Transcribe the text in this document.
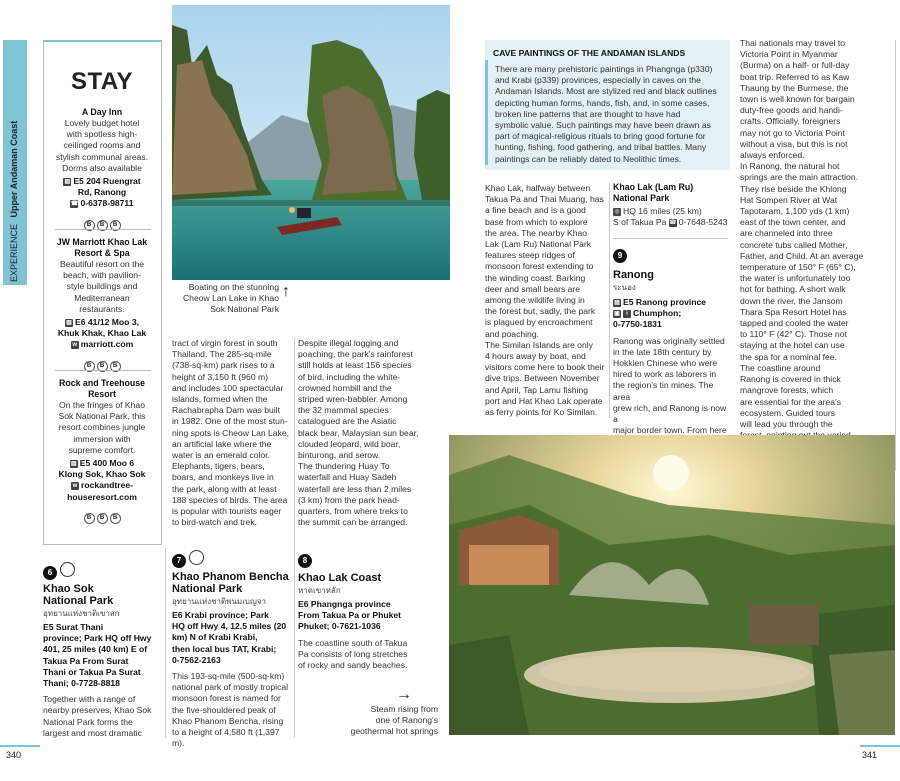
EXPERIENCE Upper Andaman Coast
STAY
A Day Inn
Lovely budget hotel
with spotless high-
ceilinged rooms and
stylish communal areas.
Dorms also available
▤ E5 204 Ruengrat
Rd, Ranong
☎ 0-6378-98711
B B B
JW Marriott Khao Lak Resort & Spa
Beautiful resort on the
beach, with pavilion-
style buildings and
Mediterranean
restaurants.
▤ E6 41/12 Moo 3,
Khuk Khak, Khao Lak
w marriott.com
B B B
Rock and Treehouse Resort
On the fringes of Khao
Sok National Park, this
resort combines jungle
immersion with
supreme comfort.
▤ E5 400 Moo 6
Klong Sok, Khao Sok
w rockandtree-
houseresort.com
B B B
Boating on the stunning
Cheow Lan Lake in Khao
Sok National Park
↑
tract of virgin forest in south
Thailand. The 285-sq-mile
(738-sq-km) park rises to a
height of 3,150 ft (960 m)
and includes 100 spectacular
islands, formed when the
Rachabrapha Dam was built
in 1982. One of the most stun-
ning spots is Cheow Lan Lake,
an artificial lake where the
water is an emerald color.
Elephants, tigers, bears,
boars, and monkeys live in
the park, along with at least
188 species of birds. The area
is popular with tourists eager
to bird-watch and trek.
Despite illegal logging and
poaching, the park's rainforest
still holds at least 156 species
of bird, including the white-
crowned hornbill and the
striped wren-babbler. Among
the 32 mammal species
catalogued are the Asiatic
black bear, Malaysian sun bear,
clouded leopard, wild boar,
binturong, and serow.
The thundering Huay To
waterfall and Huay Sadeh
waterfall are less than 2 miles
(3 km) from the park head-
quarters, from where treks to
the summit can be arranged.
CAVE PAINTINGS OF THE ANDAMAN ISLANDS
There are many prehistoric paintings in Phangnga (p330)
and Krabi (p339) provinces, especially in caves on the
Andaman Islands. Most are stylized red and black outlines
depicting human forms, hands, fish, and, in some cases,
broken line patterns that are thought to have had
symbolic value. Such paintings may have been drawn as
part of magical-religious rituals to bring good fortune for
hunting, fishing, food gathering, and tribal battles. Many
paintings can be reliably dated to Neolithic times.
Thai nationals may travel to
Victoria Point in Myanmar
(Burma) on a half- or full-day
boat trip. Referred to as Kaw
Thaung by the Burmese, the
town is well known for bargain
duty-free goods and handi-
crafts. Officially, foreigners
may not go to Victoria Point
without a visa, but this is not
always enforced.
In Ranong, the natural hot
springs are the main attraction.
They rise beside the Khlong
Hat Sompen River at Wat
Tapotaram, 1,100 yds (1 km)
east of the town center, and
are channeled into three
concrete tubs called Mother,
Father, and Child. At an average
temperature of 150° F (65° C),
the water is unfortunately too
hot for bathing. A short walk
down the river, the Jansom
Thara Spa Resort Hotel has
tapped and cooled the water
to 110° F (42° C). Those not
staying at the hotel can use
the spa for a nominal fee.
The coastline around
Ranong is covered in thick
mangrove forests, which
are essential for the area's
ecosystem. Guided tours
will lead you through the
Khao Lak, halfway between
Takua Pa and Thai Muang, has
a fine beach and is a good
base from which to explore
the area. The nearby Khao
Lak (Lam Ru) National Park
features steep ridges of
monsoon forest extending to
the winding coast. Barking
deer and small bears are
among the wildlife living in
the forest but, sadly, the park
is plagued by encroachment
and poaching.
The Similan Islands are only
4 hours away by boat, and
visitors come here to book their
dive trips. Between November
and April, Tap Lamu fishing
port and Hat Khao Lak operate
as ferry points for Ko Similan.
Khao Lak (Lam Ru)
National Park
◎ HQ 16 miles (25 km)
S of Takua Pa ☎ 0-7648-5243
9
Ranong
ระนอง
▤ E5 Ranong province
▣ i Chumphon;
0-7750-1831
Ranong was originally settled
in the late 18th century by
Hokkien Chinese who were
hired to work as laborers in
the region's tin mines. The area
grew rich, and Ranong is now a
major border town. From here
6
Khao Sok
National Park
อุทยานแห่งชาติเขาสก
E5 Surat Thani
province; Park HQ off Hwy
401, 25 miles (40 km) E of
Takua Pa From Surat
Thani or Takua Pa Surat
Thani; 0-7728-8818
Together with a range of
nearby preserves, Khao Sok
National Park forms the
largest and most dramatic
7
Khao Phanom Bencha
National Park
อุทยานแห่งชาติพนมเบญจา
E6 Krabi province; Park
HQ off Hwy 4, 12.5 miles (20
km) N of Krabi Krabi,
then local bus TAT, Krabi;
0-7562-2163
This 193-sq-mile (500-sq-km)
national park of mostly tropical
monsoon forest is named for
the five-shouldered peak of
Khao Phanom Bencha, rising
to a height of 4,580 ft (1,397 m).
8
Khao Lak Coast
หาดเขาหลัก
E6 Phangnga province
From Takua Pa or Phuket
Phuket; 0-7621-1036
The coastline south of Takua
Pa consists of long stretches
of rocky and sandy beaches.
→
Steam rising from
one of Ranong's
geothermal hot springs
340	341
